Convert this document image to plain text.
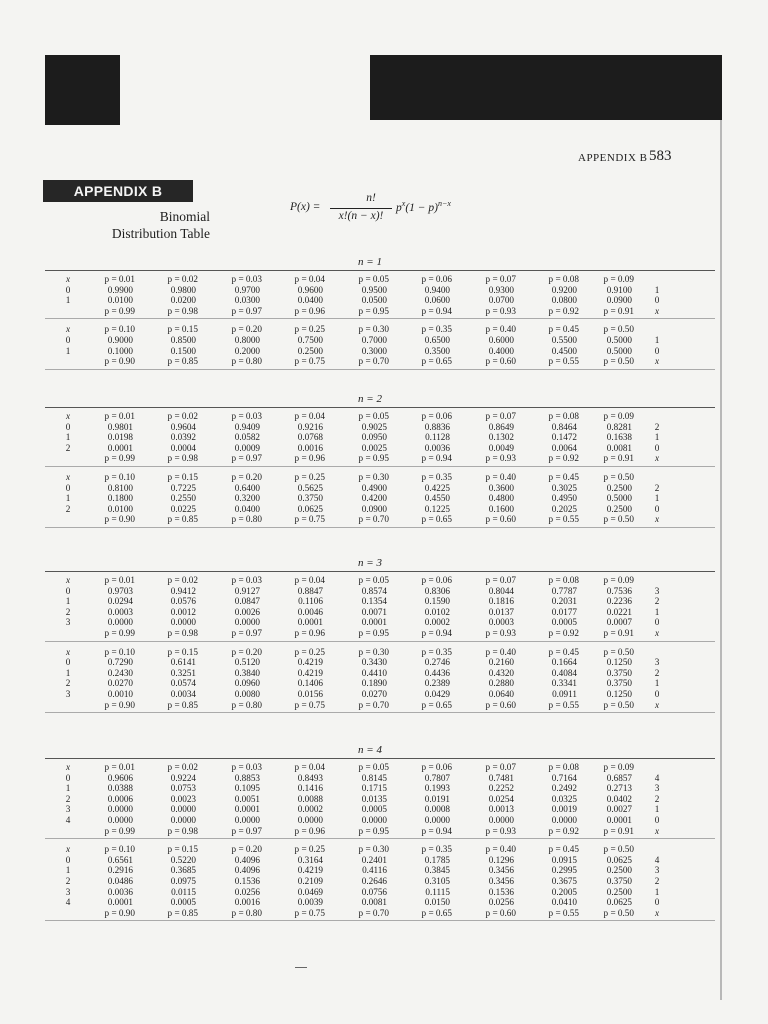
APPENDIX B 583
APPENDIX B
Binomial
Distribution Table
P(x) =
n!
x!(n − x)!
$p^x(1 - p)^{n-x}$
n = 1
x
0
1
1
0
x
p = 0.01
0.9900
0.0100
p = 0.99
p = 0.02
0.9800
0.0200
p = 0.98
p = 0.03
0.9700
0.0300
p = 0.97
p = 0.04
0.9600
0.0400
p = 0.96
p = 0.05
0.9500
0.0500
p = 0.95
p = 0.06
0.9400
0.0600
p = 0.94
p = 0.07
0.9300
0.0700
p = 0.93
p = 0.08
0.9200
0.0800
p = 0.92
p = 0.09
0.9100
0.0900
p = 0.91
x
0
1
1
0
x
p = 0.10
0.9000
0.1000
p = 0.90
p = 0.15
0.8500
0.1500
p = 0.85
p = 0.20
0.8000
0.2000
p = 0.80
p = 0.25
0.7500
0.2500
p = 0.75
p = 0.30
0.7000
0.3000
p = 0.70
p = 0.35
0.6500
0.3500
p = 0.65
p = 0.40
0.6000
0.4000
p = 0.60
p = 0.45
0.5500
0.4500
p = 0.55
p = 0.50
0.5000
0.5000
p = 0.50
n = 2
x
0
1
2
2
1
0
x
p = 0.01
0.9801
0.0198
0.0001
p = 0.99
p = 0.02
0.9604
0.0392
0.0004
p = 0.98
p = 0.03
0.9409
0.0582
0.0009
p = 0.97
p = 0.04
0.9216
0.0768
0.0016
p = 0.96
p = 0.05
0.9025
0.0950
0.0025
p = 0.95
p = 0.06
0.8836
0.1128
0.0036
p = 0.94
p = 0.07
0.8649
0.1302
0.0049
p = 0.93
p = 0.08
0.8464
0.1472
0.0064
p = 0.92
p = 0.09
0.8281
0.1638
0.0081
p = 0.91
x
0
1
2
2
1
0
x
p = 0.10
0.8100
0.1800
0.0100
p = 0.90
p = 0.15
0.7225
0.2550
0.0225
p = 0.85
p = 0.20
0.6400
0.3200
0.0400
p = 0.80
p = 0.25
0.5625
0.3750
0.0625
p = 0.75
p = 0.30
0.4900
0.4200
0.0900
p = 0.70
p = 0.35
0.4225
0.4550
0.1225
p = 0.65
p = 0.40
0.3600
0.4800
0.1600
p = 0.60
p = 0.45
0.3025
0.4950
0.2025
p = 0.55
p = 0.50
0.2500
0.5000
0.2500
p = 0.50
n = 3
x
0
1
2
3
3
2
1
0
x
p = 0.01
0.9703
0.0294
0.0003
0.0000
p = 0.99
p = 0.02
0.9412
0.0576
0.0012
0.0000
p = 0.98
p = 0.03
0.9127
0.0847
0.0026
0.0000
p = 0.97
p = 0.04
0.8847
0.1106
0.0046
0.0001
p = 0.96
p = 0.05
0.8574
0.1354
0.0071
0.0001
p = 0.95
p = 0.06
0.8306
0.1590
0.0102
0.0002
p = 0.94
p = 0.07
0.8044
0.1816
0.0137
0.0003
p = 0.93
p = 0.08
0.7787
0.2031
0.0177
0.0005
p = 0.92
p = 0.09
0.7536
0.2236
0.0221
0.0007
p = 0.91
x
0
1
2
3
3
2
1
0
x
p = 0.10
0.7290
0.2430
0.0270
0.0010
p = 0.90
p = 0.15
0.6141
0.3251
0.0574
0.0034
p = 0.85
p = 0.20
0.5120
0.3840
0.0960
0.0080
p = 0.80
p = 0.25
0.4219
0.4219
0.1406
0.0156
p = 0.75
p = 0.30
0.3430
0.4410
0.1890
0.0270
p = 0.70
p = 0.35
0.2746
0.4436
0.2389
0.0429
p = 0.65
p = 0.40
0.2160
0.4320
0.2880
0.0640
p = 0.60
p = 0.45
0.1664
0.4084
0.3341
0.0911
p = 0.55
p = 0.50
0.1250
0.3750
0.3750
0.1250
p = 0.50
n = 4
x
0
1
2
3
4
4
3
2
1
0
x
p = 0.01
0.9606
0.0388
0.0006
0.0000
0.0000
p = 0.99
p = 0.02
0.9224
0.0753
0.0023
0.0000
0.0000
p = 0.98
p = 0.03
0.8853
0.1095
0.0051
0.0001
0.0000
p = 0.97
p = 0.04
0.8493
0.1416
0.0088
0.0002
0.0000
p = 0.96
p = 0.05
0.8145
0.1715
0.0135
0.0005
0.0000
p = 0.95
p = 0.06
0.7807
0.1993
0.0191
0.0008
0.0000
p = 0.94
p = 0.07
0.7481
0.2252
0.0254
0.0013
0.0000
p = 0.93
p = 0.08
0.7164
0.2492
0.0325
0.0019
0.0000
p = 0.92
p = 0.09
0.6857
0.2713
0.0402
0.0027
0.0001
p = 0.91
x
0
1
2
3
4
4
3
2
1
0
x
p = 0.10
0.6561
0.2916
0.0486
0.0036
0.0001
p = 0.90
p = 0.15
0.5220
0.3685
0.0975
0.0115
0.0005
p = 0.85
p = 0.20
0.4096
0.4096
0.1536
0.0256
0.0016
p = 0.80
p = 0.25
0.3164
0.4219
0.2109
0.0469
0.0039
p = 0.75
p = 0.30
0.2401
0.4116
0.2646
0.0756
0.0081
p = 0.70
p = 0.35
0.1785
0.3845
0.3105
0.1115
0.0150
p = 0.65
p = 0.40
0.1296
0.3456
0.3456
0.1536
0.0256
p = 0.60
p = 0.45
0.0915
0.2995
0.3675
0.2005
0.0410
p = 0.55
p = 0.50
0.0625
0.2500
0.3750
0.2500
0.0625
p = 0.50
